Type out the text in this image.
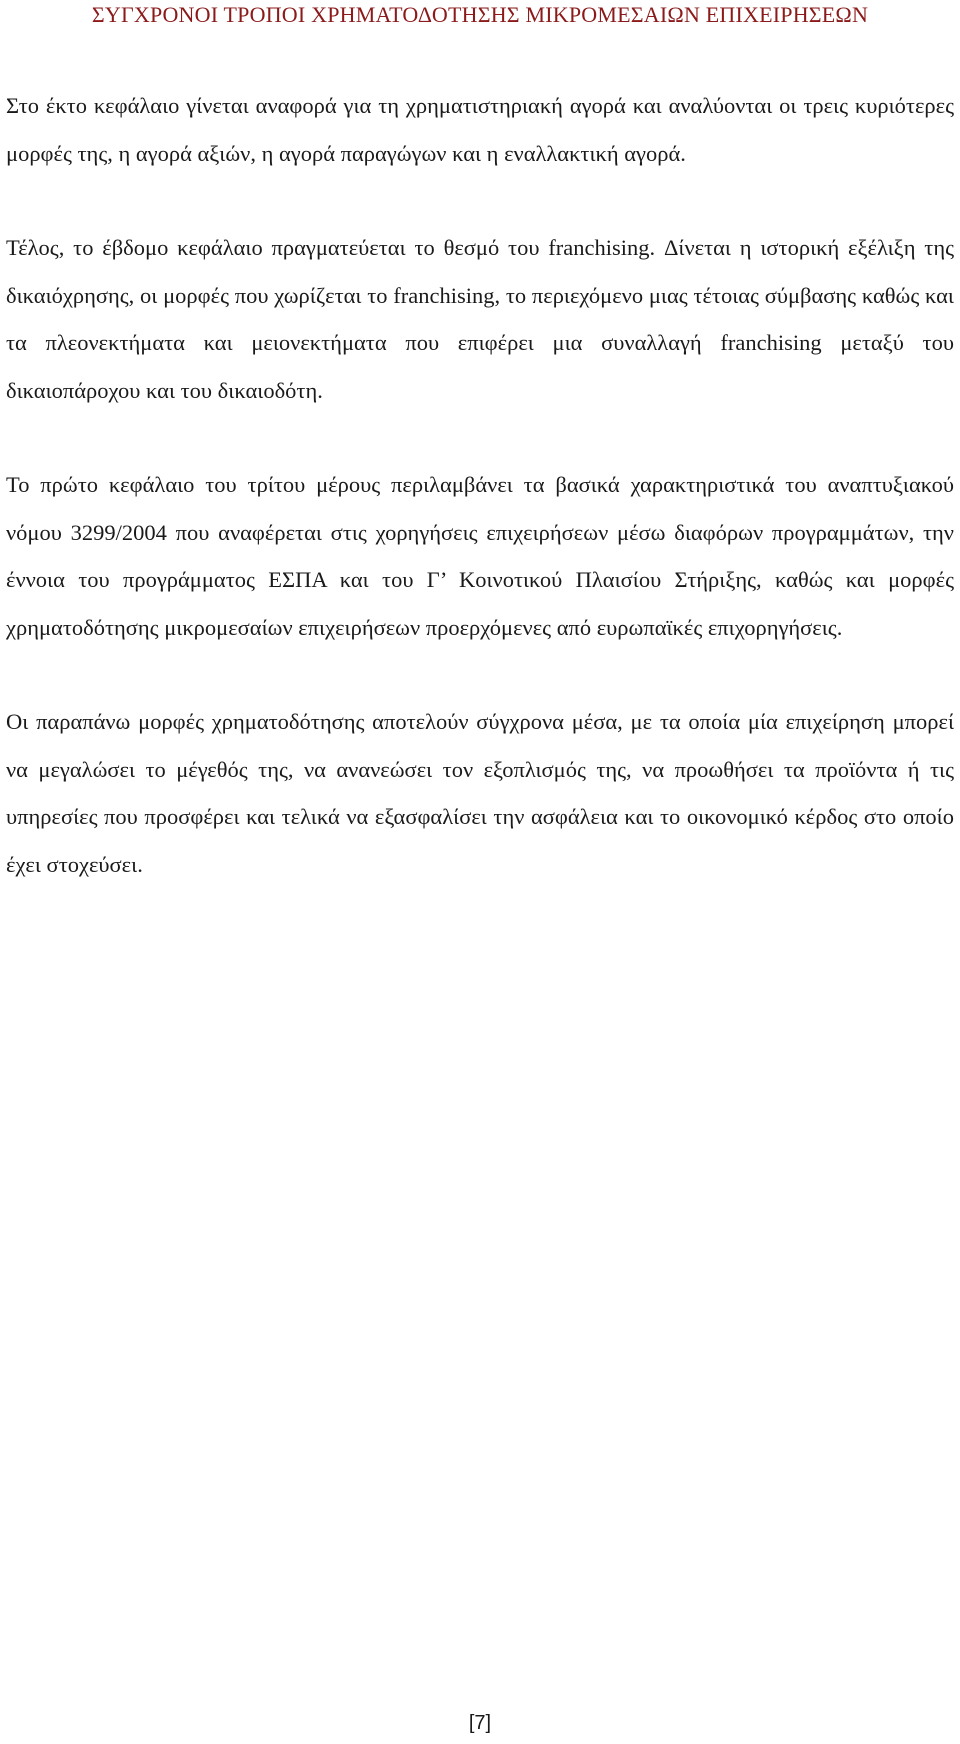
ΣΥΓΧΡΟΝΟΙ ΤΡΟΠΟΙ ΧΡΗΜΑΤΟΔΟΤΗΣΗΣ ΜΙΚΡΟΜΕΣΑΙΩΝ ΕΠΙΧΕΙΡΗΣΕΩΝ

Στο έκτο κεφάλαιο γίνεται αναφορά για τη χρηματιστηριακή αγορά και αναλύονται οι τρεις κυριότερες μορφές της, η αγορά αξιών, η αγορά παραγώγων και η εναλλακτική αγορά.

Τέλος, το έβδομο κεφάλαιο πραγματεύεται το θεσμό του franchising. Δίνεται η ιστορική εξέλιξη της δικαιόχρησης, οι μορφές που χωρίζεται το franchising, το περιεχόμενο μιας τέτοιας σύμβασης καθώς και τα πλεονεκτήματα και μειονεκτήματα που επιφέρει μια συναλλαγή franchising μεταξύ του δικαιοπάροχου και του δικαιοδότη.

Το πρώτο κεφάλαιο του τρίτου μέρους περιλαμβάνει τα βασικά χαρακτηριστικά του αναπτυξιακού νόμου 3299/2004 που αναφέρεται στις χορηγήσεις επιχειρήσεων μέσω διαφόρων προγραμμάτων, την έννοια του προγράμματος ΕΣΠΑ και του Γ’ Κοινοτικού Πλαισίου Στήριξης, καθώς και μορφές χρηματοδότησης μικρομεσαίων επιχειρήσεων προερχόμενες από ευρωπαϊκές επιχορηγήσεις.

Οι παραπάνω μορφές χρηματοδότησης αποτελούν σύγχρονα μέσα, με τα οποία μία επιχείρηση μπορεί να μεγαλώσει το μέγεθός της, να ανανεώσει τον εξοπλισμός της, να προωθήσει τα προϊόντα ή τις υπηρεσίες που προσφέρει και τελικά να εξασφαλίσει την ασφάλεια και το οικονομικό κέρδος στο οποίο έχει στοχεύσει.

[7]
